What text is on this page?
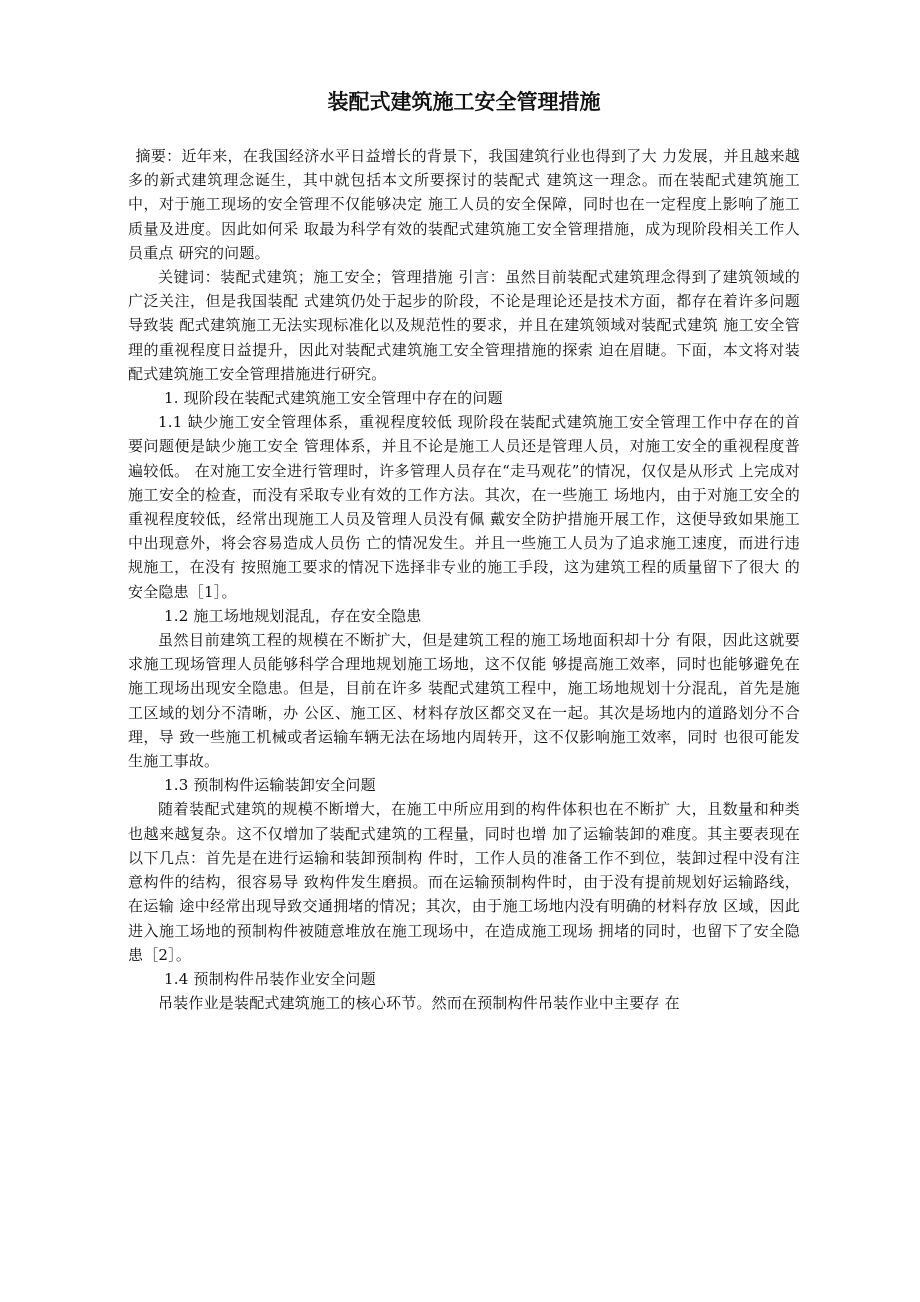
装配式建筑施工安全管理措施

摘要：近年来，在我国经济水平日益增长的背景下，我国建筑行业也得到了大 力发展，并且越来越多的新式建筑理念诞生，其中就包括本文所要探讨的装配式 建筑这一理念。而在装配式建筑施工中，对于施工现场的安全管理不仅能够决定 施工人员的安全保障，同时也在一定程度上影响了施工质量及进度。因此如何采 取最为科学有效的装配式建筑施工安全管理措施，成为现阶段相关工作人员重点 研究的问题。

关键词：装配式建筑；施工安全；管理措施 引言：虽然目前装配式建筑理念得到了建筑领域的广泛关注，但是我国装配 式建筑仍处于起步的阶段，不论是理论还是技术方面，都存在着许多问题导致装 配式建筑施工无法实现标准化以及规范性的要求，并且在建筑领域对装配式建筑 施工安全管理的重视程度日益提升，因此对装配式建筑施工安全管理措施的探索 迫在眉睫。下面，本文将对装配式建筑施工安全管理措施进行研究。

1. 现阶段在装配式建筑施工安全管理中存在的问题

1.1 缺少施工安全管理体系，重视程度较低 现阶段在装配式建筑施工安全管理工作中存在的首要问题便是缺少施工安全 管理体系，并且不论是施工人员还是管理人员，对施工安全的重视程度普遍较低。 在对施工安全进行管理时，许多管理人员存在“走马观花”的情况，仅仅是从形式 上完成对施工安全的检查，而没有采取专业有效的工作方法。其次，在一些施工 场地内，由于对施工安全的重视程度较低，经常出现施工人员及管理人员没有佩 戴安全防护措施开展工作，这便导致如果施工中出现意外，将会容易造成人员伤 亡的情况发生。并且一些施工人员为了追求施工速度，而进行违规施工，在没有 按照施工要求的情况下选择非专业的施工手段，这为建筑工程的质量留下了很大 的安全隐患［1］。

1.2 施工场地规划混乱，存在安全隐患

虽然目前建筑工程的规模在不断扩大，但是建筑工程的施工场地面积却十分 有限，因此这就要求施工现场管理人员能够科学合理地规划施工场地，这不仅能 够提高施工效率，同时也能够避免在施工现场出现安全隐患。但是，目前在许多 装配式建筑工程中，施工场地规划十分混乱，首先是施工区域的划分不清晰，办 公区、施工区、材料存放区都交叉在一起。其次是场地内的道路划分不合理，导 致一些施工机械或者运输车辆无法在场地内周转开，这不仅影响施工效率，同时 也很可能发生施工事故。

1.3 预制构件运输装卸安全问题

随着装配式建筑的规模不断增大，在施工中所应用到的构件体积也在不断扩 大，且数量和种类也越来越复杂。这不仅增加了装配式建筑的工程量，同时也增 加了运输装卸的难度。其主要表现在以下几点：首先是在进行运输和装卸预制构 件时，工作人员的准备工作不到位，装卸过程中没有注意构件的结构，很容易导 致构件发生磨损。而在运输预制构件时，由于没有提前规划好运输路线，在运输 途中经常出现导致交通拥堵的情况；其次，由于施工场地内没有明确的材料存放 区域，因此进入施工场地的预制构件被随意堆放在施工现场中，在造成施工现场 拥堵的同时，也留下了安全隐患［2］。

1.4 预制构件吊装作业安全问题

吊装作业是装配式建筑施工的核心环节。然而在预制构件吊装作业中主要存 在
